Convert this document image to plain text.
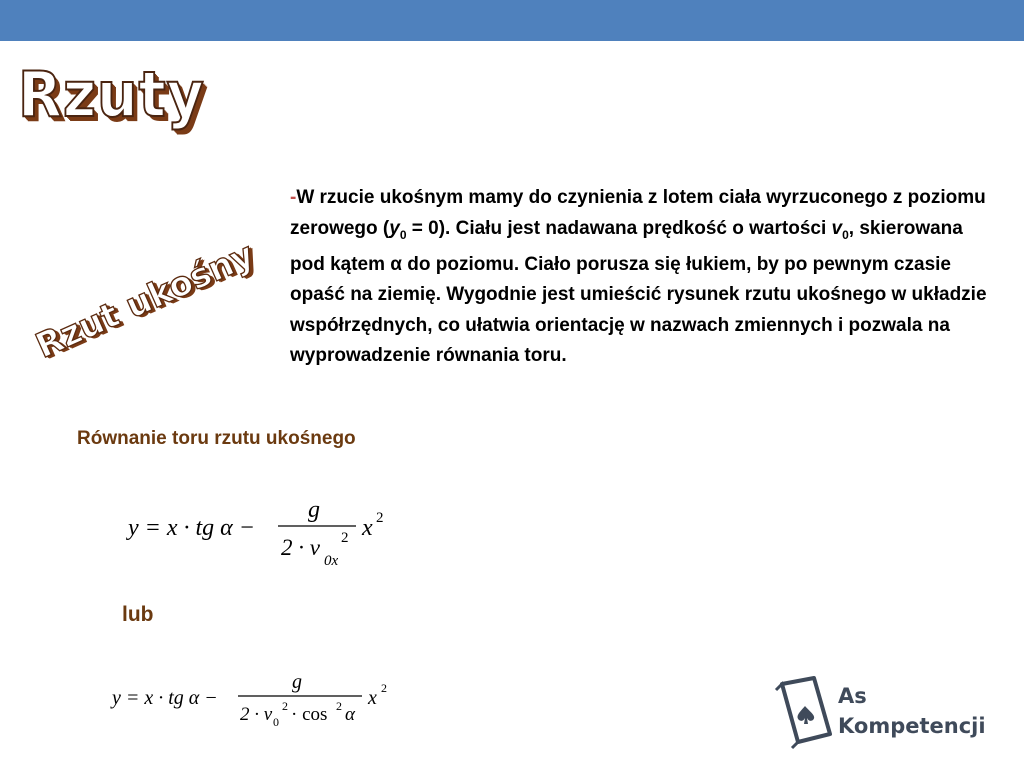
Rzuty
Rzut ukośny
-W rzucie ukośnym mamy do czynienia z lotem ciała wyrzuconego z poziomu zerowego $(y_0 = 0)$. Ciału jest nadawana prędkość o wartości $v_0$, skierowana pod kątem α do poziomu. Ciało porusza się łukiem, by po pewnym czasie opaść na ziemię. Wygodnie jest umieścić rysunek rzutu ukośnego w układzie współrzędnych, co ułatwia orientację w nazwach zmiennych i pozwala na wyprowadzenie równania toru.
Równanie toru rzutu ukośnego
y = x · tg α −
g
2 · v
0x
2 x 2
lub
y = x · tg α −
g
2 · v 0
2 · cos 2 α
x 2	As
Kompetencji
